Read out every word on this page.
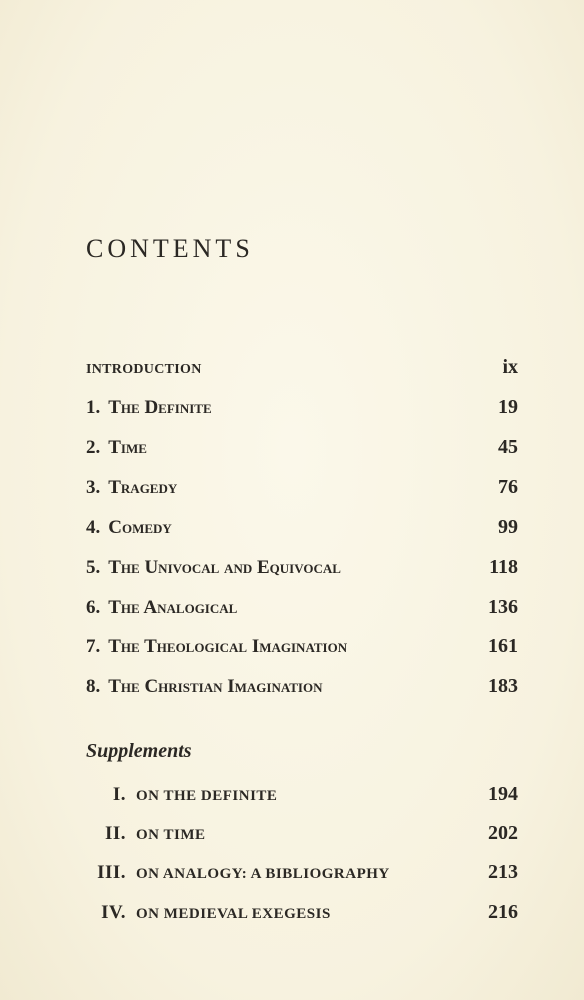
CONTENTS
INTRODUCTION	ix
1. The Definite	19
2. Time	45
3. Tragedy	76
4. Comedy	99
5. The Univocal and Equivocal	118
6. The Analogical	136
7. The Theological Imagination	161
8. The Christian Imagination	183
Supplements
I. ON THE DEFINITE	194
II. ON TIME	202
III. ON ANALOGY: A BIBLIOGRAPHY	213
IV. ON MEDIEVAL EXEGESIS	216
